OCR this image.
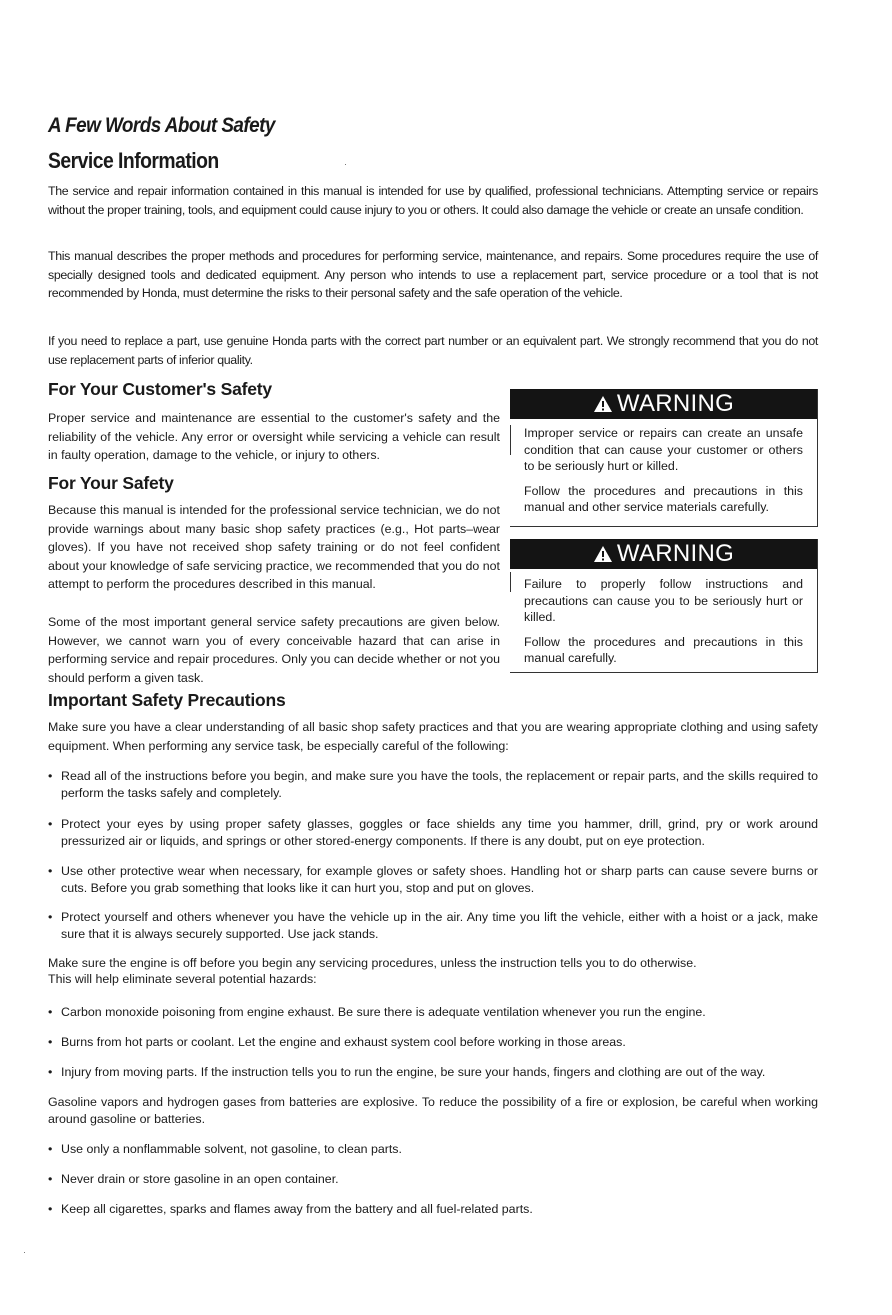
A Few Words About Safety
Service Information

The service and repair information contained in this manual is intended for use by qualified, professional technicians. Attempting service or repairs without the proper training, tools, and equipment could cause injury to you or others. It could also damage the vehicle or create an unsafe condition.

This manual describes the proper methods and procedures for performing service, maintenance, and repairs. Some procedures require the use of specially designed tools and dedicated equipment. Any person who intends to use a replacement part, service procedure or a tool that is not recommended by Honda, must determine the risks to their personal safety and the safe operation of the vehicle.

If you need to replace a part, use genuine Honda parts with the correct part number or an equivalent part. We strongly recommend that you do not use replacement parts of inferior quality.

For Your Customer's Safety

Proper service and maintenance are essential to the customer's safety and the reliability of the vehicle. Any error or oversight while servicing a vehicle can result in faulty operation, damage to the vehicle, or injury to others.

For Your Safety

Because this manual is intended for the professional service technician, we do not provide warnings about many basic shop safety practices (e.g., Hot parts–wear gloves). If you have not received shop safety training or do not feel confident about your knowledge of safe servicing practice, we recommended that you do not attempt to perform the procedures described in this manual.

Some of the most important general service safety precautions are given below. However, we cannot warn you of every conceivable hazard that can arise in performing service and repair procedures. Only you can decide whether or not you should perform a given task.

WARNING

Improper service or repairs can create an unsafe condition that can cause your customer or others to be seriously hurt or killed.

Follow the procedures and precautions in this manual and other service materials carefully.

WARNING

Failure to properly follow instructions and precautions can cause you to be seriously hurt or killed.

Follow the procedures and precautions in this manual carefully.

Important Safety Precautions

Make sure you have a clear understanding of all basic shop safety practices and that you are wearing appropriate clothing and using safety equipment. When performing any service task, be especially careful of the following:

• Read all of the instructions before you begin, and make sure you have the tools, the replacement or repair parts, and the skills required to perform the tasks safely and completely.

• Protect your eyes by using proper safety glasses, goggles or face shields any time you hammer, drill, grind, pry or work around pressurized air or liquids, and springs or other stored-energy components. If there is any doubt, put on eye protection.

• Use other protective wear when necessary, for example gloves or safety shoes. Handling hot or sharp parts can cause severe burns or cuts. Before you grab something that looks like it can hurt you, stop and put on gloves.

• Protect yourself and others whenever you have the vehicle up in the air. Any time you lift the vehicle, either with a hoist or a jack, make sure that it is always securely supported. Use jack stands.

Make sure the engine is off before you begin any servicing procedures, unless the instruction tells you to do otherwise.

This will help eliminate several potential hazards:

• Carbon monoxide poisoning from engine exhaust. Be sure there is adequate ventilation whenever you run the engine.

• Burns from hot parts or coolant. Let the engine and exhaust system cool before working in those areas.

• Injury from moving parts. If the instruction tells you to run the engine, be sure your hands, fingers and clothing are out of the way.

Gasoline vapors and hydrogen gases from batteries are explosive. To reduce the possibility of a fire or explosion, be careful when working around gasoline or batteries.

• Use only a nonflammable solvent, not gasoline, to clean parts.

• Never drain or store gasoline in an open container.

• Keep all cigarettes, sparks and flames away from the battery and all fuel-related parts.
